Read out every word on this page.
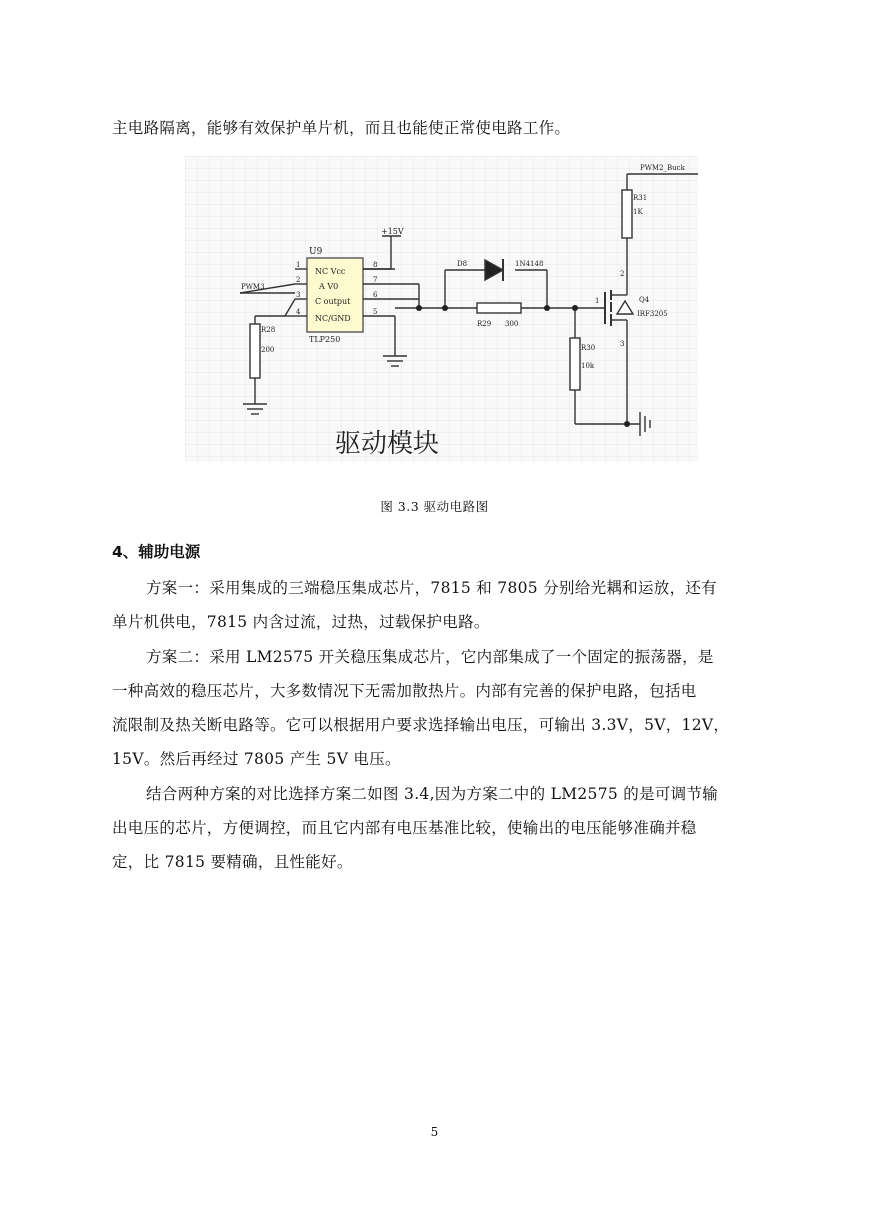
主电路隔离，能够有效保护单片机，而且也能使正常使电路工作。
U9
TLP250
1
2
3
4
8
7
6
5
NC Vcc
A V0
C output
NC/GND
+15V
PWM3
PWM2_Buck
D8	1N4148
R28
200
R29 300
R30
10k
R31
1K
Q4
IRF3205
1
2
3
驱动模块
图 3.3 驱动电路图
4、辅助电源
方案一：采用集成的三端稳压集成芯片，7815 和 7805 分别给光耦和运放，还有
单片机供电，7815 内含过流，过热，过载保护电路。
方案二：采用 LM2575 开关稳压集成芯片，它内部集成了一个固定的振荡器，是
一种高效的稳压芯片，大多数情况下无需加散热片。内部有完善的保护电路，包括电
流限制及热关断电路等。它可以根据用户要求选择输出电压，可输出 3.3V，5V，12V，
15V。然后再经过 7805 产生 5V 电压。
结合两种方案的对比选择方案二如图 3.4,因为方案二中的 LM2575 的是可调节输
出电压的芯片，方便调控，而且它内部有电压基准比较，使输出的电压能够准确并稳
定，比 7815 要精确，且性能好。
5
